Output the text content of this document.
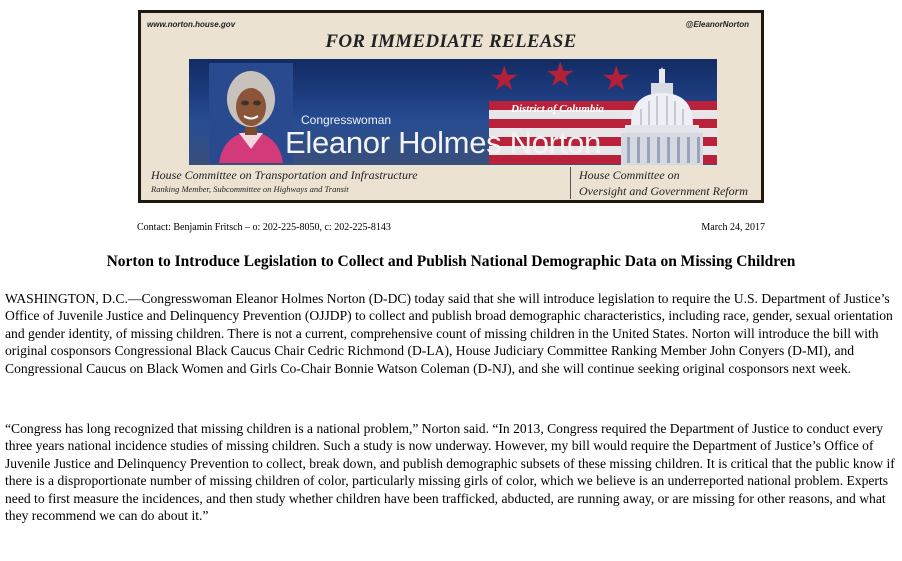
www.norton.house.gov	@EleanorNorton
FOR IMMEDIATE RELEASE
★ ★ ★
Congresswoman
Eleanor Holmes Norton
District of Columbia
House Committee on Transportation and Infrastructure
Ranking Member, Subcommittee on Highways and Transit
House Committee on
Oversight and Government Reform
Contact: Benjamin Fritsch – o: 202-225-8050, c: 202-225-8143	March 24, 2017
Norton to Introduce Legislation to Collect and Publish National Demographic Data on Missing Children

WASHINGTON, D.C.—Congresswoman Eleanor Holmes Norton (D-DC) today said that she will introduce legislation to require the U.S. Department of Justice’s Office of Juvenile Justice and Delinquency Prevention (OJJDP) to collect and publish broad demographic characteristics, including race, gender, sexual orientation and gender identity, of missing children. There is not a current, comprehensive count of missing children in the United States. Norton will introduce the bill with original cosponsors Congressional Black Caucus Chair Cedric Richmond (D-LA), House Judiciary Committee Ranking Member John Conyers (D-MI), and Congressional Caucus on Black Women and Girls Co-Chair Bonnie Watson Coleman (D-NJ), and she will continue seeking original cosponsors next week.

“Congress has long recognized that missing children is a national problem,” Norton said. “In 2013, Congress required the Department of Justice to conduct every three years national incidence studies of missing children. Such a study is now underway. However, my bill would require the Department of Justice’s Office of Juvenile Justice and Delinquency Prevention to collect, break down, and publish demographic subsets of these missing children. It is critical that the public know if there is a disproportionate number of missing children of color, particularly missing girls of color, which we believe is an underreported national problem. Experts need to first measure the incidences, and then study whether children have been trafficked, abducted, are running away, or are missing for other reasons, and what they recommend we can do about it.”
